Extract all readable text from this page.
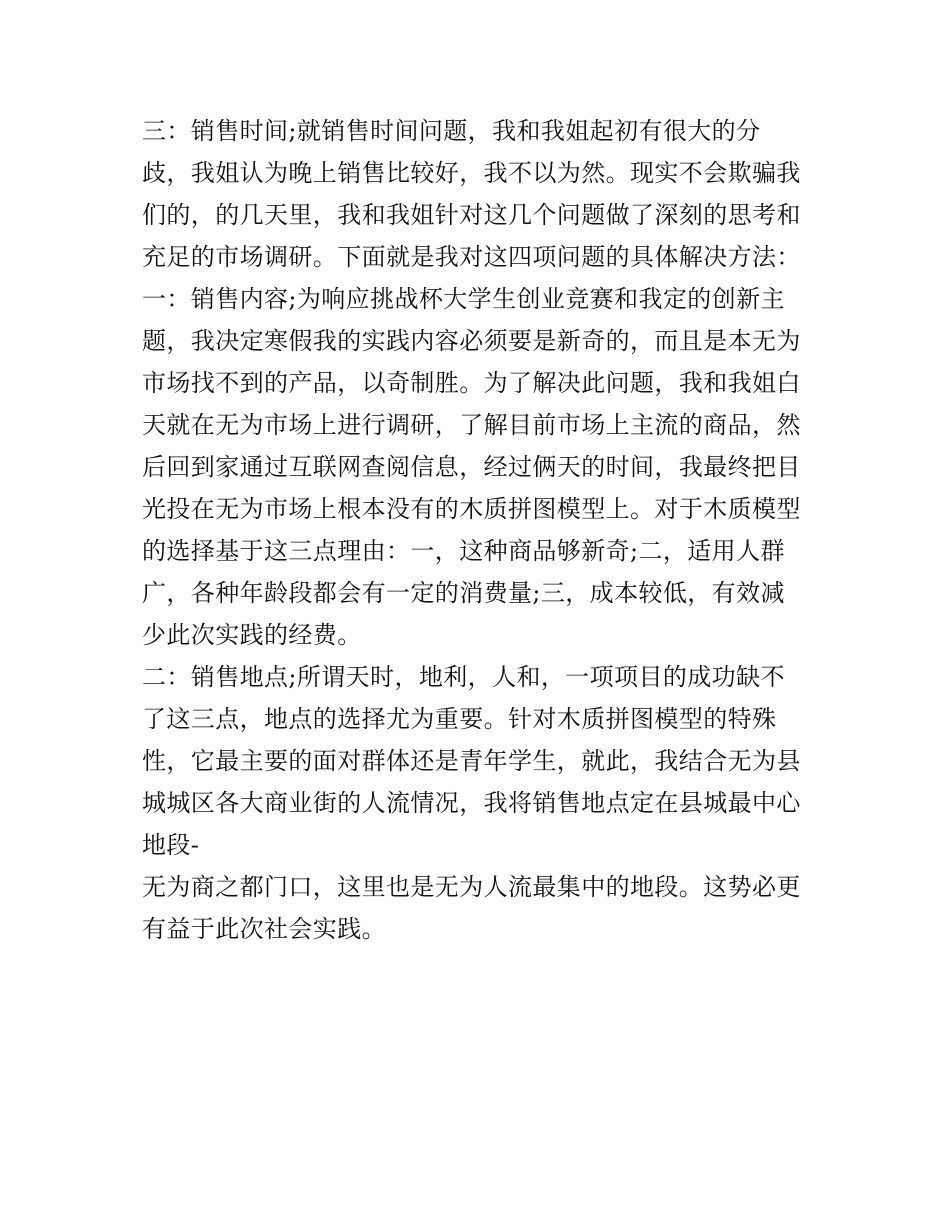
三：销售时间;就销售时间问题，我和我姐起初有很大的分
歧，我姐认为晚上销售比较好，我不以为然。现实不会欺骗我
们的，的几天里，我和我姐针对这几个问题做了深刻的思考和
充足的市场调研。下面就是我对这四项问题的具体解决方法：
一：销售内容;为响应挑战杯大学生创业竞赛和我定的创新主
题，我决定寒假我的实践内容必须要是新奇的，而且是本无为
市场找不到的产品，以奇制胜。为了解决此问题，我和我姐白
天就在无为市场上进行调研，了解目前市场上主流的商品，然
后回到家通过互联网查阅信息，经过俩天的时间，我最终把目
光投在无为市场上根本没有的木质拼图模型上。对于木质模型
的选择基于这三点理由：一，这种商品够新奇;二，适用人群
广，各种年龄段都会有一定的消费量;三，成本较低，有效减
少此次实践的经费。
二：销售地点;所谓天时，地利，人和，一项项目的成功缺不
了这三点，地点的选择尤为重要。针对木质拼图模型的特殊
性，它最主要的面对群体还是青年学生，就此，我结合无为县
城城区各大商业街的人流情况，我将销售地点定在县城最中心
地段-
无为商之都门口，这里也是无为人流最集中的地段。这势必更
有益于此次社会实践。
